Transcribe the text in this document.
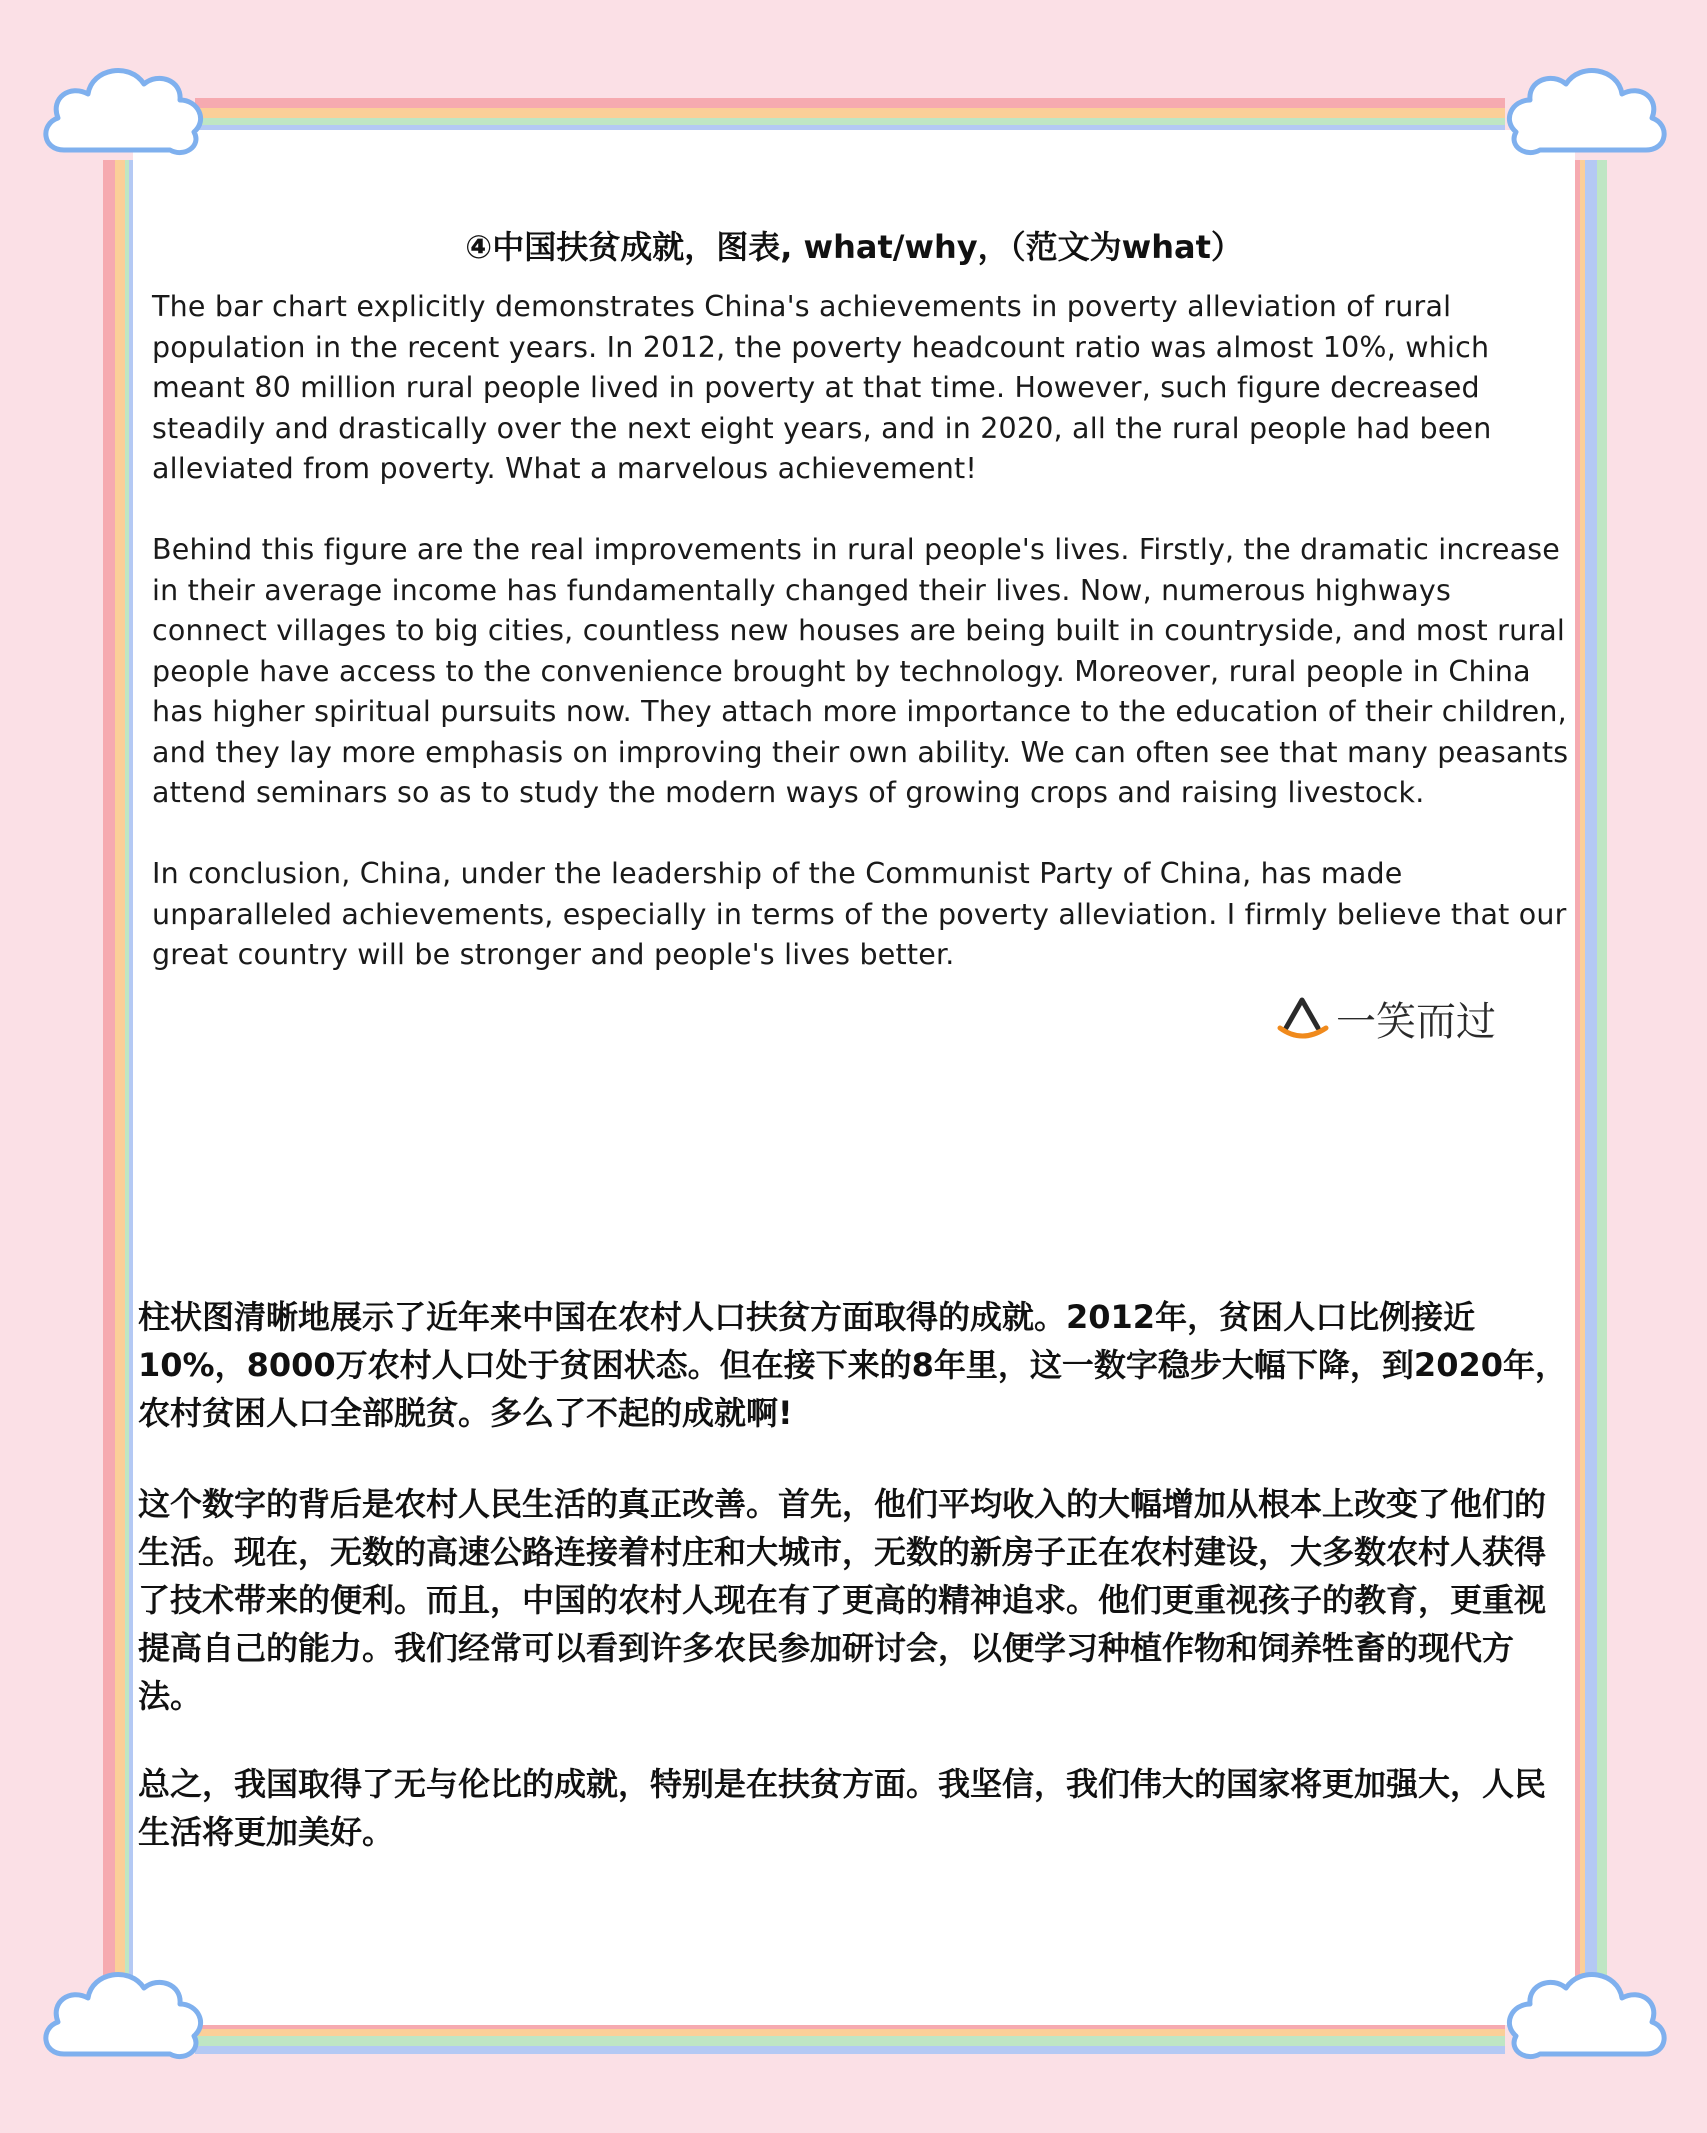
④中国扶贫成就，图表, what/why，（范文为what）

The bar chart explicitly demonstrates China's achievements in poverty alleviation of rural population in the recent years. In 2012, the poverty headcount ratio was almost 10%, which meant 80 million rural people lived in poverty at that time. However, such figure decreased steadily and drastically over the next eight years, and in 2020, all the rural people had been alleviated from poverty. What a marvelous achievement!

Behind this figure are the real improvements in rural people's lives. Firstly, the dramatic increase in their average income has fundamentally changed their lives. Now, numerous highways connect villages to big cities, countless new houses are being built in countryside, and most rural people have access to the convenience brought by technology. Moreover, rural people in China has higher spiritual pursuits now. They attach more importance to the education of their children, and they lay more emphasis on improving their own ability. We can often see that many peasants attend seminars so as to study the modern ways of growing crops and raising livestock.

In conclusion, China, under the leadership of the Communist Party of China, has made unparalleled achievements, especially in terms of the poverty alleviation. I firmly believe that our great country will be stronger and people's lives better.

一笑而过

柱状图清晰地展示了近年来中国在农村人口扶贫方面取得的成就。2012年，贫困人口比例接近10%，8000万农村人口处于贫困状态。但在接下来的8年里，这一数字稳步大幅下降，到2020年，农村贫困人口全部脱贫。多么了不起的成就啊!

这个数字的背后是农村人民生活的真正改善。首先，他们平均收入的大幅增加从根本上改变了他们的生活。现在，无数的高速公路连接着村庄和大城市，无数的新房子正在农村建设，大多数农村人获得了技术带来的便利。而且，中国的农村人现在有了更高的精神追求。他们更重视孩子的教育，更重视提高自己的能力。我们经常可以看到许多农民参加研讨会，以便学习种植作物和饲养牲畜的现代方法。

总之，我国取得了无与伦比的成就，特别是在扶贫方面。我坚信，我们伟大的国家将更加强大，人民生活将更加美好。
